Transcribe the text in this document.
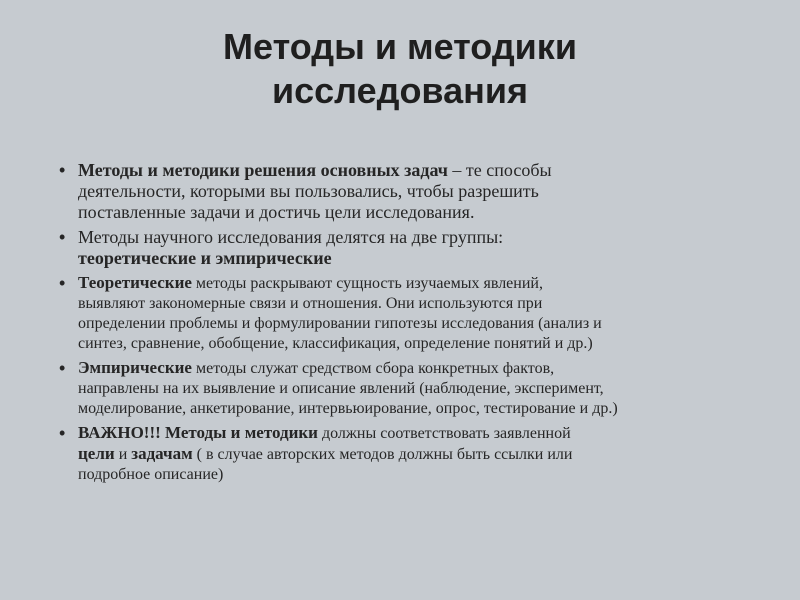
Методы и методики
исследования
• Методы и методики решения основных задач – те способы
деятельности, которыми вы пользовались, чтобы разрешить
поставленные задачи и достичь цели исследования.

• Методы научного исследования делятся на две группы:
теоретические и эмпирические

• Теоретические методы раскрывают сущность изучаемых явлений,
выявляют закономерные связи и отношения. Они используются при
определении проблемы и формулировании гипотезы исследования (анализ и
синтез, сравнение, обобщение, классификация, определение понятий и др.)

• Эмпирические методы служат средством сбора конкретных фактов,
направлены на их выявление и описание явлений (наблюдение, эксперимент,
моделирование, анкетирование, интервьюирование, опрос, тестирование и др.)

• ВАЖНО!!! Методы и методики должны соответствовать заявленной
цели и задачам ( в случае авторских методов должны быть ссылки или
подробное описание)
